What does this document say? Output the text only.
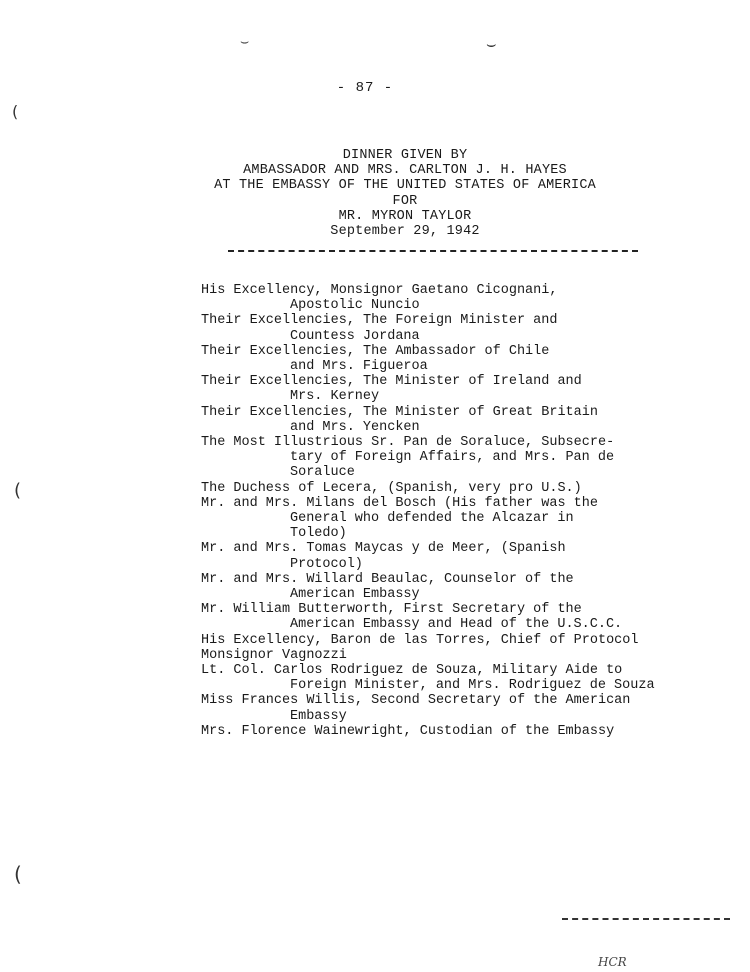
⌣	⌣
(
(
(
- 87 -
DINNER GIVEN BY
AMBASSADOR AND MRS. CARLTON J. H. HAYES
AT THE EMBASSY OF THE UNITED STATES OF AMERICA
FOR
MR. MYRON TAYLOR
September 29, 1942
His Excellency, Monsignor Gaetano Cicognani,
Apostolic Nuncio
Their Excellencies, The Foreign Minister and
Countess Jordana
Their Excellencies, The Ambassador of Chile
and Mrs. Figueroa
Their Excellencies, The Minister of Ireland and
Mrs. Kerney
Their Excellencies, The Minister of Great Britain
and Mrs. Yencken
The Most Illustrious Sr. Pan de Soraluce, Subsecre-
tary of Foreign Affairs, and Mrs. Pan de
Soraluce
The Duchess of Lecera, (Spanish, very pro U.S.)
Mr. and Mrs. Milans del Bosch (His father was the
General who defended the Alcazar in
Toledo)
Mr. and Mrs. Tomas Maycas y de Meer, (Spanish
Protocol)
Mr. and Mrs. Willard Beaulac, Counselor of the
American Embassy
Mr. William Butterworth, First Secretary of the
American Embassy and Head of the U.S.C.C.
His Excellency, Baron de las Torres, Chief of Protocol
Monsignor Vagnozzi
Lt. Col. Carlos Rodriguez de Souza, Military Aide to
Foreign Minister, and Mrs. Rodriguez de Souza
Miss Frances Willis, Second Secretary of the American
Embassy
Mrs. Florence Wainewright, Custodian of the Embassy
HCR
